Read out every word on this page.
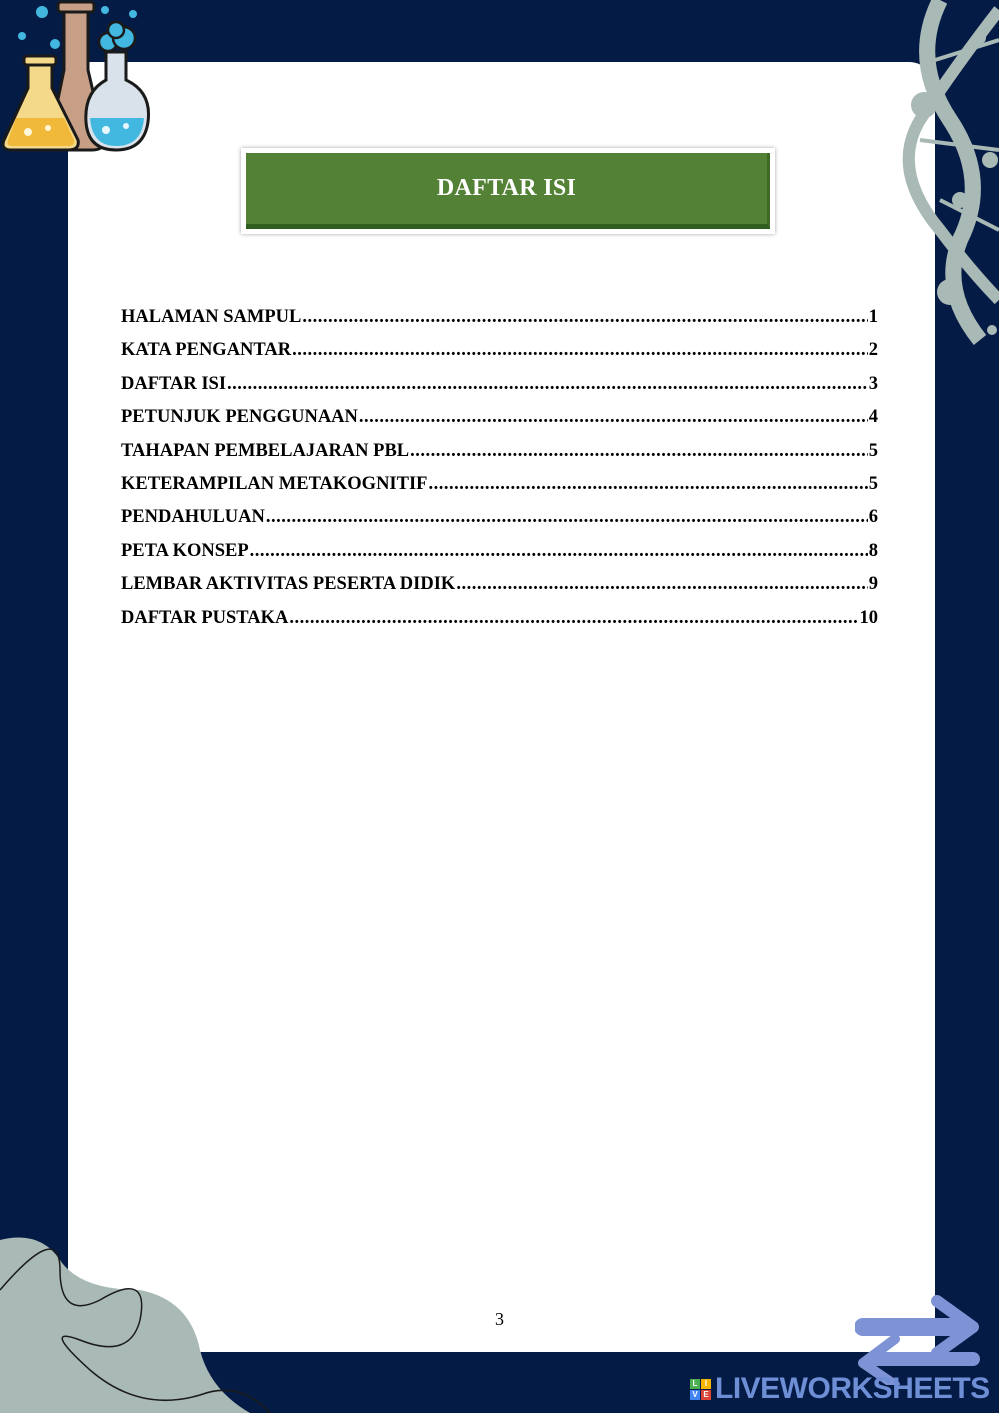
DAFTAR ISI
HALAMAN SAMPUL .....	1
KATA PENGANTAR .....	2
DAFTAR ISI .....	3
PETUNJUK PENGGUNAAN .....	4
TAHAPAN PEMBELAJARAN PBL .....	5
KETERAMPILAN METAKOGNITIF .....	5
PENDAHULUAN .....	6
PETA KONSEP .....	8
LEMBAR AKTIVITAS PESERTA DIDIK .....	9
DAFTAR PUSTAKA .....	10
3
L I
V E LIVEWORKSHEETS
